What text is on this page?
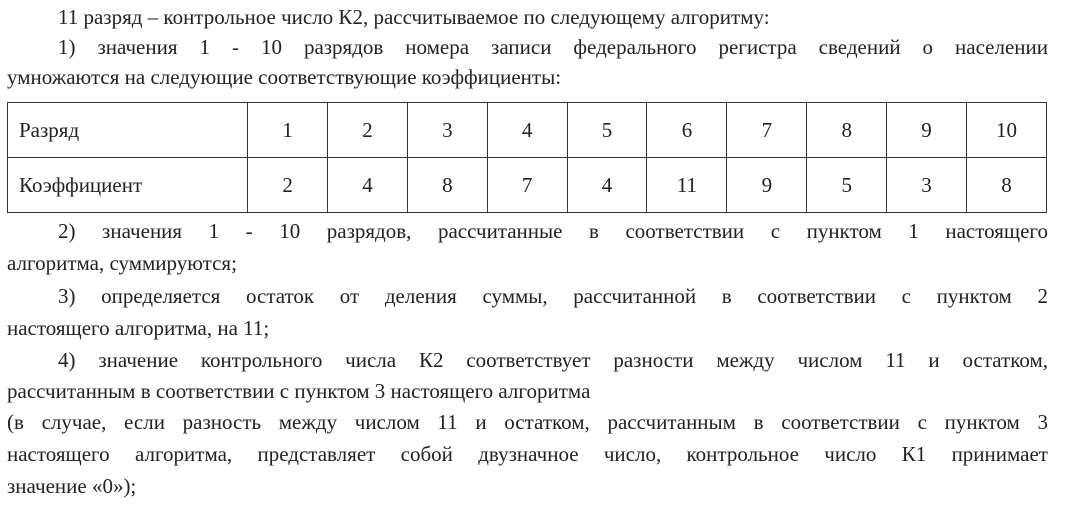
11 разряд – контрольное число К2, рассчитываемое по следующему алгоритму:
1) значения 1 - 10 разрядов номера записи федерального регистра сведений о населении
умножаются на следующие соответствующие коэффициенты:
Разряд	1	2	3	4	5	6	7	8	9	10
Коэффициент	2	4	8	7	4	11	9	5	3	8
2) значения 1 - 10 разрядов, рассчитанные в соответствии с пунктом 1 настоящего
алгоритма, суммируются;
3) определяется остаток от деления суммы, рассчитанной в соответствии с пунктом 2
настоящего алгоритма, на 11;
4) значение контрольного числа К2 соответствует разности между числом 11 и остатком,
рассчитанным в соответствии с пунктом 3 настоящего алгоритма
(в случае, если разность между числом 11 и остатком, рассчитанным в соответствии с пунктом 3
настоящего алгоритма, представляет собой двузначное число, контрольное число К1 принимает
значение «0»);
